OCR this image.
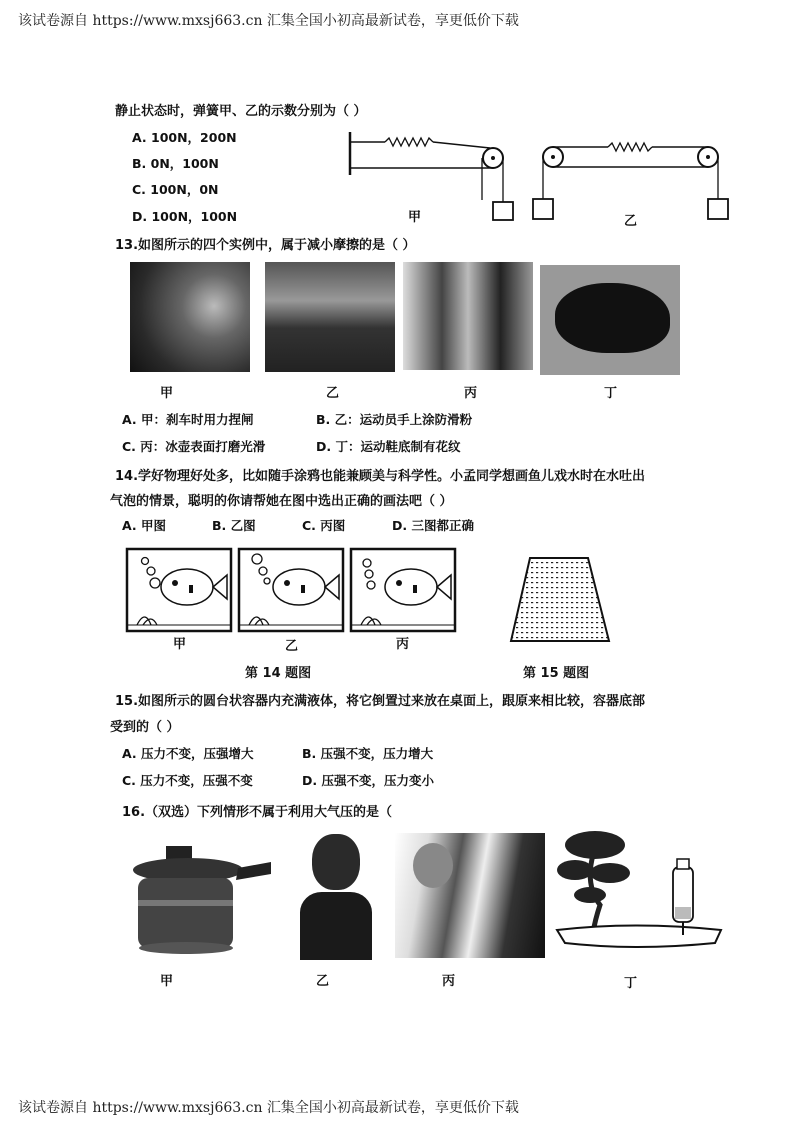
该试卷源自 https://www.mxsj663.cn 汇集全国小初高最新试卷，享更低价下载
静止状态时，弹簧甲、乙的示数分别为（ ）
A. 100N，200N
B. 0N，100N
C. 100N，0N
D. 100N，100N	甲	乙
13.如图所示的四个实例中，属于减小摩擦的是（ ）
甲	乙	丙	丁
A. 甲：刹车时用力捏闸	B. 乙：运动员手上涂防滑粉
C. 丙：冰壶表面打磨光滑	D. 丁：运动鞋底制有花纹
14.学好物理好处多，比如随手涂鸦也能兼顾美与科学性。小孟同学想画鱼儿戏水时在水吐出
气泡的情景，聪明的你请帮她在图中选出正确的画法吧（ ）
A. 甲图	B. 乙图	C. 丙图	D. 三图都正确
甲	乙	丙
第 14 题图	第 15 题图
15.如图所示的圆台状容器内充满液体，将它倒置过来放在桌面上，跟原来相比较，容器底部
受到的（ ）
A. 压力不变，压强增大	B. 压强不变，压力增大
C. 压力不变，压强不变	D. 压强不变，压力变小
16.（双选）下列情形不属于利用大气压的是（
甲	乙	丙	丁
该试卷源自 https://www.mxsj663.cn 汇集全国小初高最新试卷，享更低价下载
